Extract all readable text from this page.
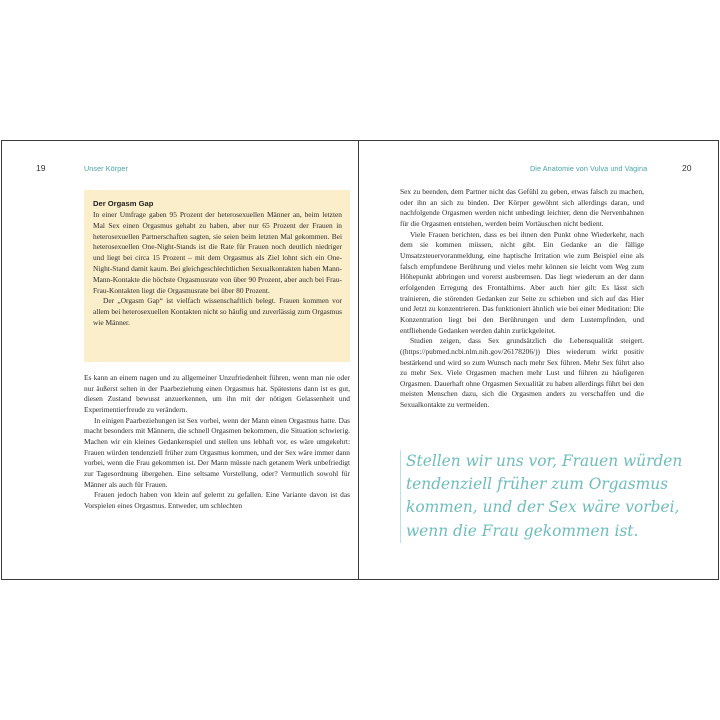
19	Unser Körper
Der Orgasm Gap

In einer Umfrage gaben 95 Prozent der heterosexuellen Männer an, beim letzten Mal Sex einen Orgasmus gehabt zu haben, aber nur 65 Prozent der Frauen in heterosexuellen Partnerschaften sagten, sie seien beim letzten Mal gekommen. Bei heterosexuellen One-Night-Stands ist die Rate für Frauen noch deutlich niedriger und liegt bei circa 15 Prozent – mit dem Orgasmus als Ziel lohnt sich ein One-Night-Stand damit kaum. Bei gleichgeschlechtlichen Sexualkontakten haben Mann-Mann-Kontakte die höchste Orgasmusrate von über 90 Prozent, aber auch bei Frau-Frau-Kontakten liegt die Orgasmusrate bei über 80 Prozent.

Der „Orgasm Gap“ ist vielfach wissenschaftlich belegt. Frauen kommen vor allem bei heterosexuellen Kontakten nicht so häufig und zuverlässig zum Orgasmus wie Männer.

Es kann an einem nagen und zu allgemeiner Unzufriedenheit führen, wenn man nie oder nur äußerst selten in der Paarbeziehung einen Orgasmus hat. Spätestens dann ist es gut, diesen Zustand bewusst anzuerkennen, um ihn mit der nötigen Gelassenheit und Experimentierfreude zu verändern.

In einigen Paarbeziehungen ist Sex vorbei, wenn der Mann einen Orgasmus hatte. Das macht besonders mit Männern, die schnell Orgasmen bekommen, die Situation schwierig. Machen wir ein kleines Gedankenspiel und stellen uns lebhaft vor, es wäre umgekehrt: Frauen würden tendenziell früher zum Orgasmus kommen, und der Sex wäre immer dann vorbei, wenn die Frau gekommen ist. Der Mann müsste nach getanem Werk unbefriedigt zur Tagesordnung übergehen. Eine seltsame Vorstellung, oder? Vermutlich sowohl für Männer als auch für Frauen.

Frauen jedoch haben von klein auf gelernt zu gefallen. Eine Variante davon ist das Vorspielen eines Orgasmus. Entweder, um schlechten

Die Anatomie von Vulva und Vagina	20

Sex zu beenden, dem Partner nicht das Gefühl zu geben, etwas falsch zu machen, oder ihn an sich zu binden. Der Körper gewöhnt sich allerdings daran, und nachfolgende Orgasmen werden nicht unbedingt leichter, denn die Nervenbahnen für die Orgasmen entstehen, werden beim Vortäuschen nicht bedient.

Viele Frauen berichten, dass es bei ihnen den Punkt ohne Wiederkehr, nach dem sie kommen müssen, nicht gibt. Ein Gedanke an die fällige Umsatzsteuervoranmeldung, eine haptische Irritation wie zum Beispiel eine als falsch empfundene Berührung und vieles mehr können sie leicht vom Weg zum Höhepunkt abbringen und vorerst ausbremsen. Das liegt wiederum an der dann erfolgenden Erregung des Frontalhirns. Aber auch hier gilt: Es lässt sich trainieren, die störenden Gedanken zur Seite zu schieben und sich auf das Hier und Jetzt zu konzentrieren. Das funktioniert ähnlich wie bei einer Meditation: Die Konzentration liegt bei den Berührungen und dem Lustempfinden, und entfliehende Gedanken werden dahin zurückgeleitet.

Studien zeigen, dass Sex grundsätzlich die Lebensqualität steigert. ((https://pubmed.ncbi.nlm.nih.gov/26178206/)) Dies wiederum wirkt positiv bestärkend und wird so zum Wunsch nach mehr Sex führen. Mehr Sex führt also zu mehr Sex. Viele Orgasmen machen mehr Lust und führen zu häufigeren Orgasmen. Dauerhaft ohne Orgasmen Sexualität zu haben allerdings führt bei den meisten Menschen dazu, sich die Orgasmen anders zu verschaffen und die Sexualkontakte zu vermeiden.

Stellen wir uns vor, Frauen würden tendenziell früher zum Orgasmus kommen, und der Sex wäre vorbei, wenn die Frau gekommen ist.
